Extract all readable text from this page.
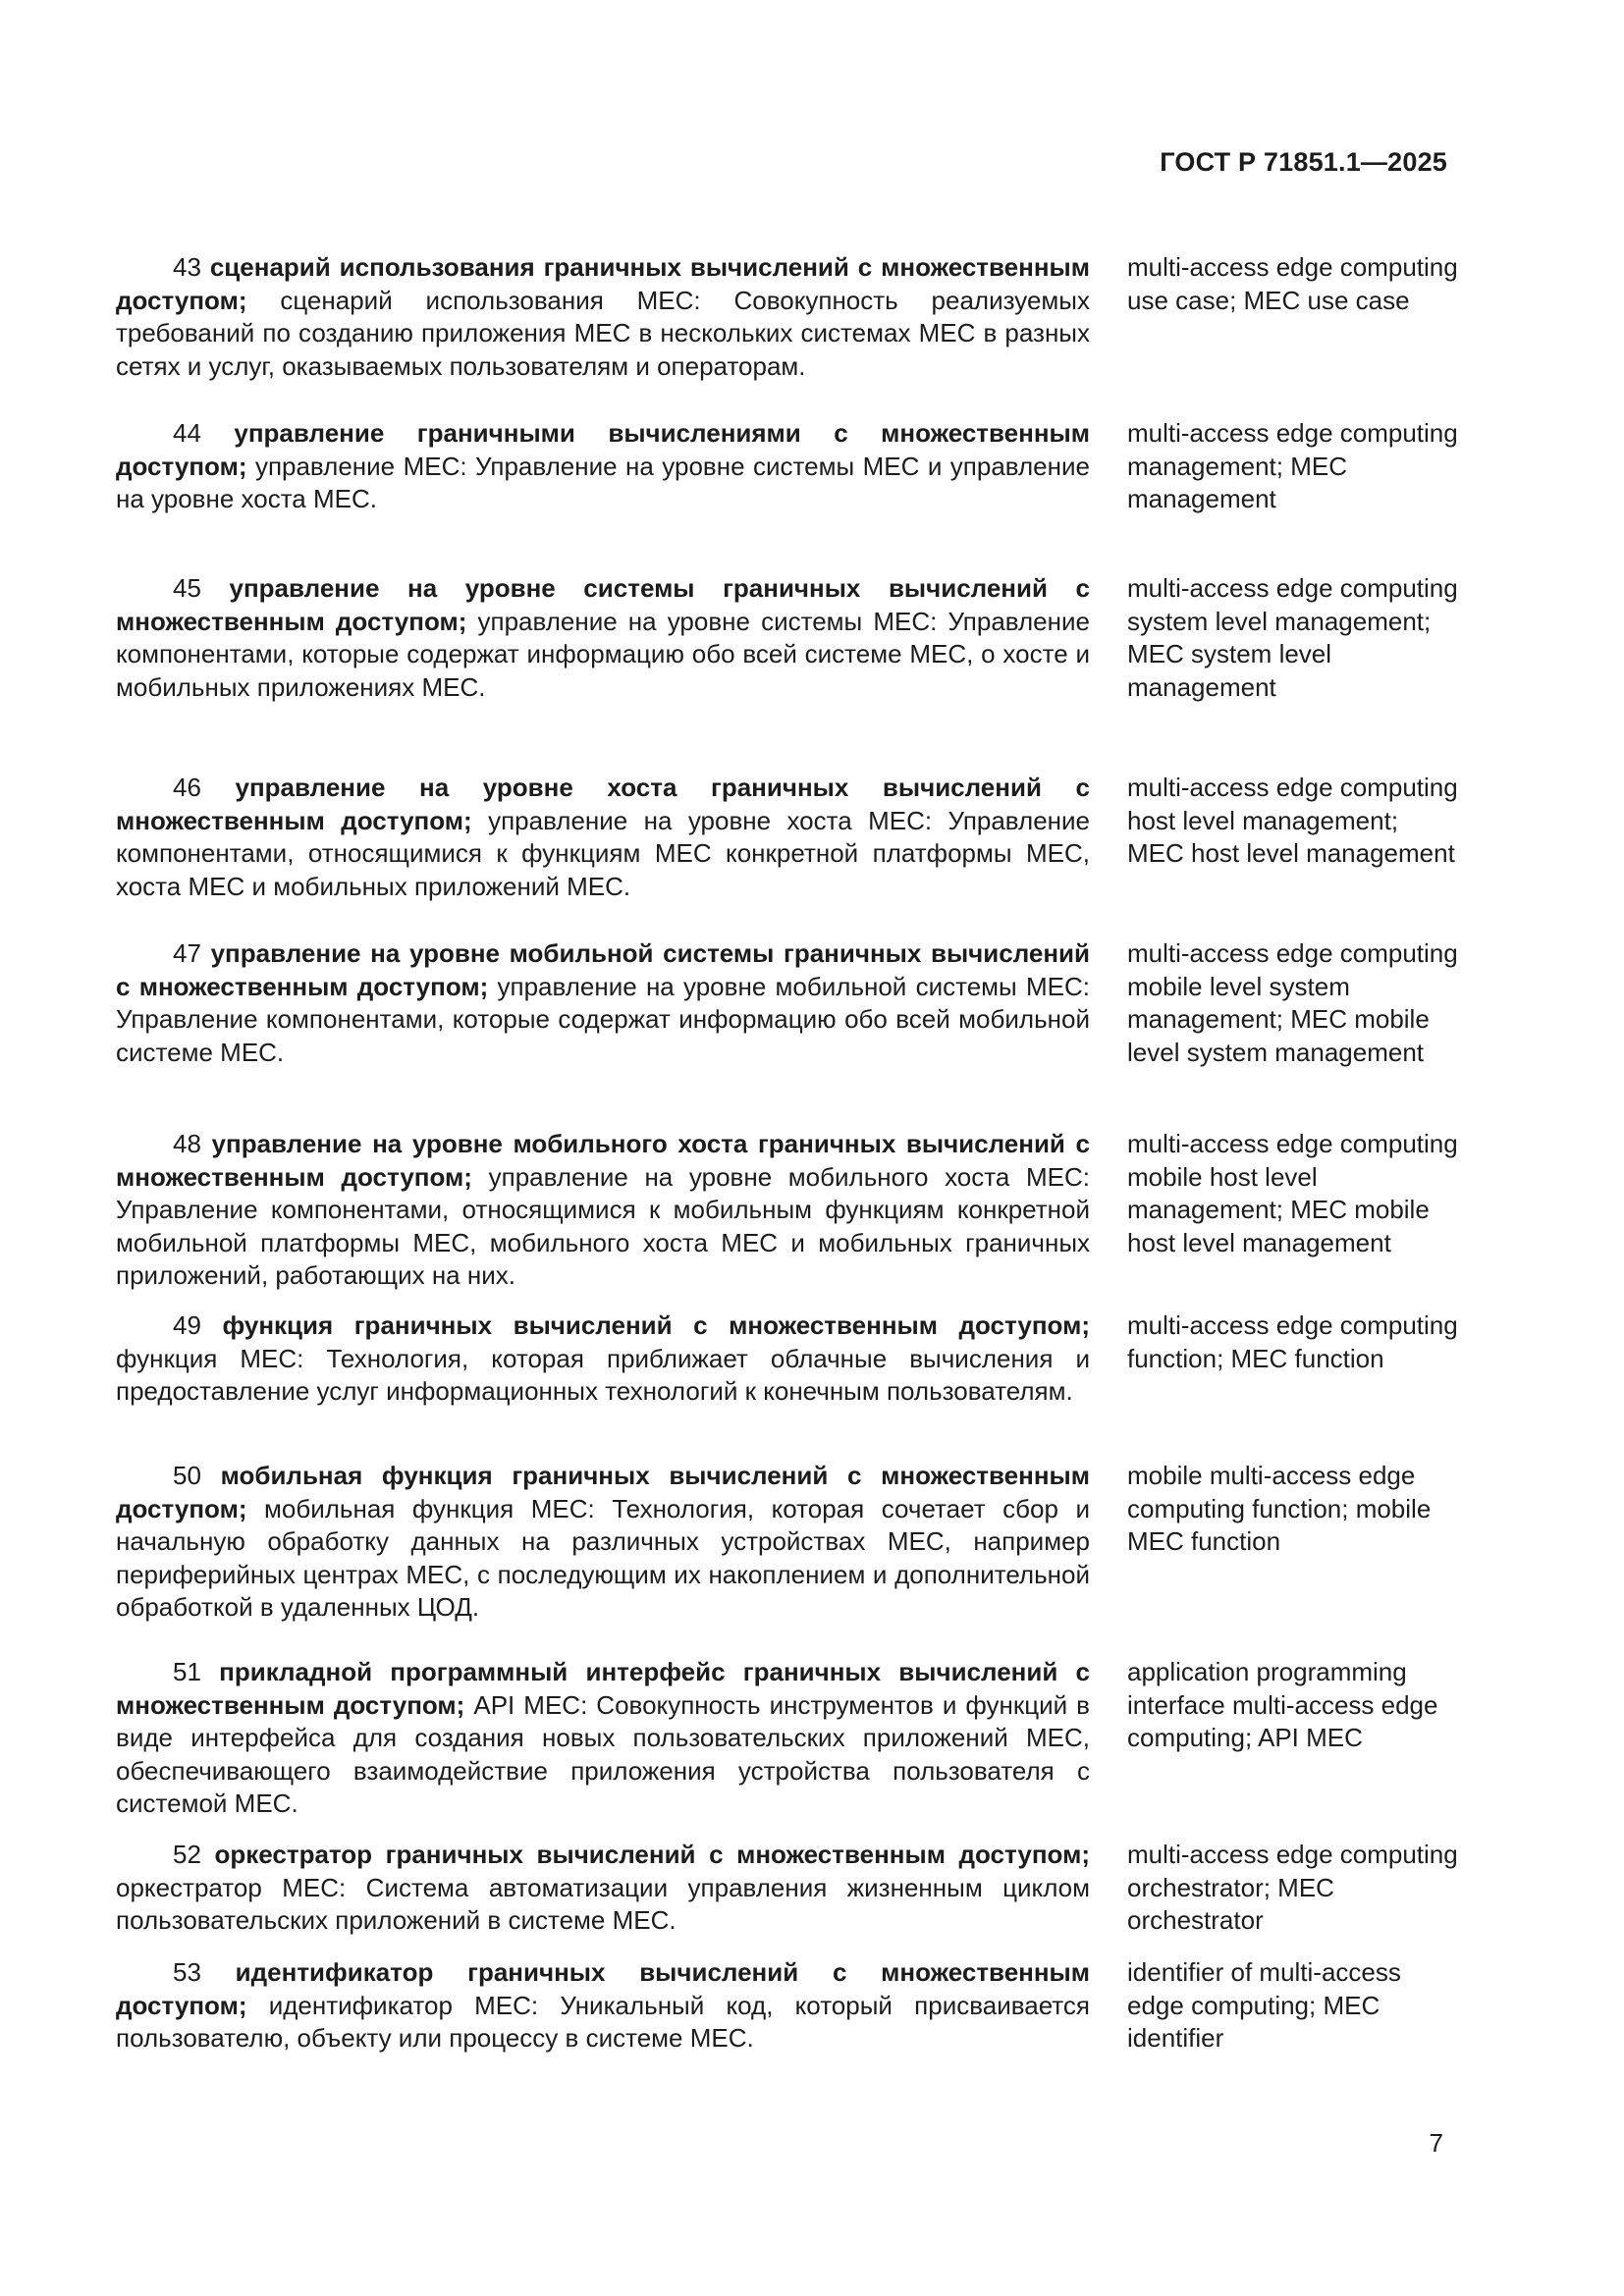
ГОСТ Р 71851.1—2025
43 сценарий использования граничных вычислений с множественным доступом; сценарий использования МЕС: Совокупность реализуемых требований по созданию приложения МЕС в нескольких системах МЕС в разных сетях и услуг, оказываемых пользователям и операторам.
multi-access edge computing use case; MEC use case
44 управление граничными вычислениями с множественным доступом; управление МЕС: Управление на уровне системы МЕС и управление на уровне хоста МЕС.
multi-access edge computing management; MEC management
45 управление на уровне системы граничных вычислений с множественным доступом; управление на уровне системы МЕС: Управление компонентами, которые содержат информацию обо всей системе МЕС, о хосте и мобильных приложениях МЕС.
multi-access edge computing system level management; MEC system level management
46 управление на уровне хоста граничных вычислений с множественным доступом; управление на уровне хоста МЕС: Управление компонентами, относящимися к функциям МЕС конкретной платформы МЕС, хоста МЕС и мобильных приложений МЕС.
multi-access edge computing host level management; MEC host level management
47 управление на уровне мобильной системы граничных вычислений с множественным доступом; управление на уровне мобильной системы МЕС: Управление компонентами, которые содержат информацию обо всей мобильной системе МЕС.
multi-access edge computing mobile level system management; MEC mobile level system management
48 управление на уровне мобильного хоста граничных вычислений с множественным доступом; управление на уровне мобильного хоста МЕС: Управление компонентами, относящимися к мобильным функциям конкретной мобильной платформы МЕС, мобильного хоста МЕС и мобильных граничных приложений, работающих на них.
multi-access edge computing mobile host level management; MEC mobile host level management
49 функция граничных вычислений с множественным доступом; функция МЕС: Технология, которая приближает облачные вычисления и предоставление услуг информационных технологий к конечным пользователям.
multi-access edge computing function; MEC function
50 мобильная функция граничных вычислений с множественным доступом; мобильная функция МЕС: Технология, которая сочетает сбор и начальную обработку данных на различных устройствах МЕС, например периферийных центрах МЕС, с последующим их накоплением и дополнительной обработкой в удаленных ЦОД.
mobile multi-access edge computing function; mobile MEC function
51 прикладной программный интерфейс граничных вычислений с множественным доступом; API МЕС: Совокупность инструментов и функций в виде интерфейса для создания новых пользовательских приложений МЕС, обеспечивающего взаимодействие приложения устройства пользователя с системой МЕС.
application programming interface multi-access edge computing; API MEC
52 оркестратор граничных вычислений с множественным доступом; оркестратор МЕС: Система автоматизации управления жизненным циклом пользовательских приложений в системе МЕС.
multi-access edge computing orchestrator; MEC orchestrator
53 идентификатор граничных вычислений с множественным доступом; идентификатор МЕС: Уникальный код, который присваивается пользователю, объекту или процессу в системе МЕС.
identifier of multi-access edge computing; MEC identifier
7
